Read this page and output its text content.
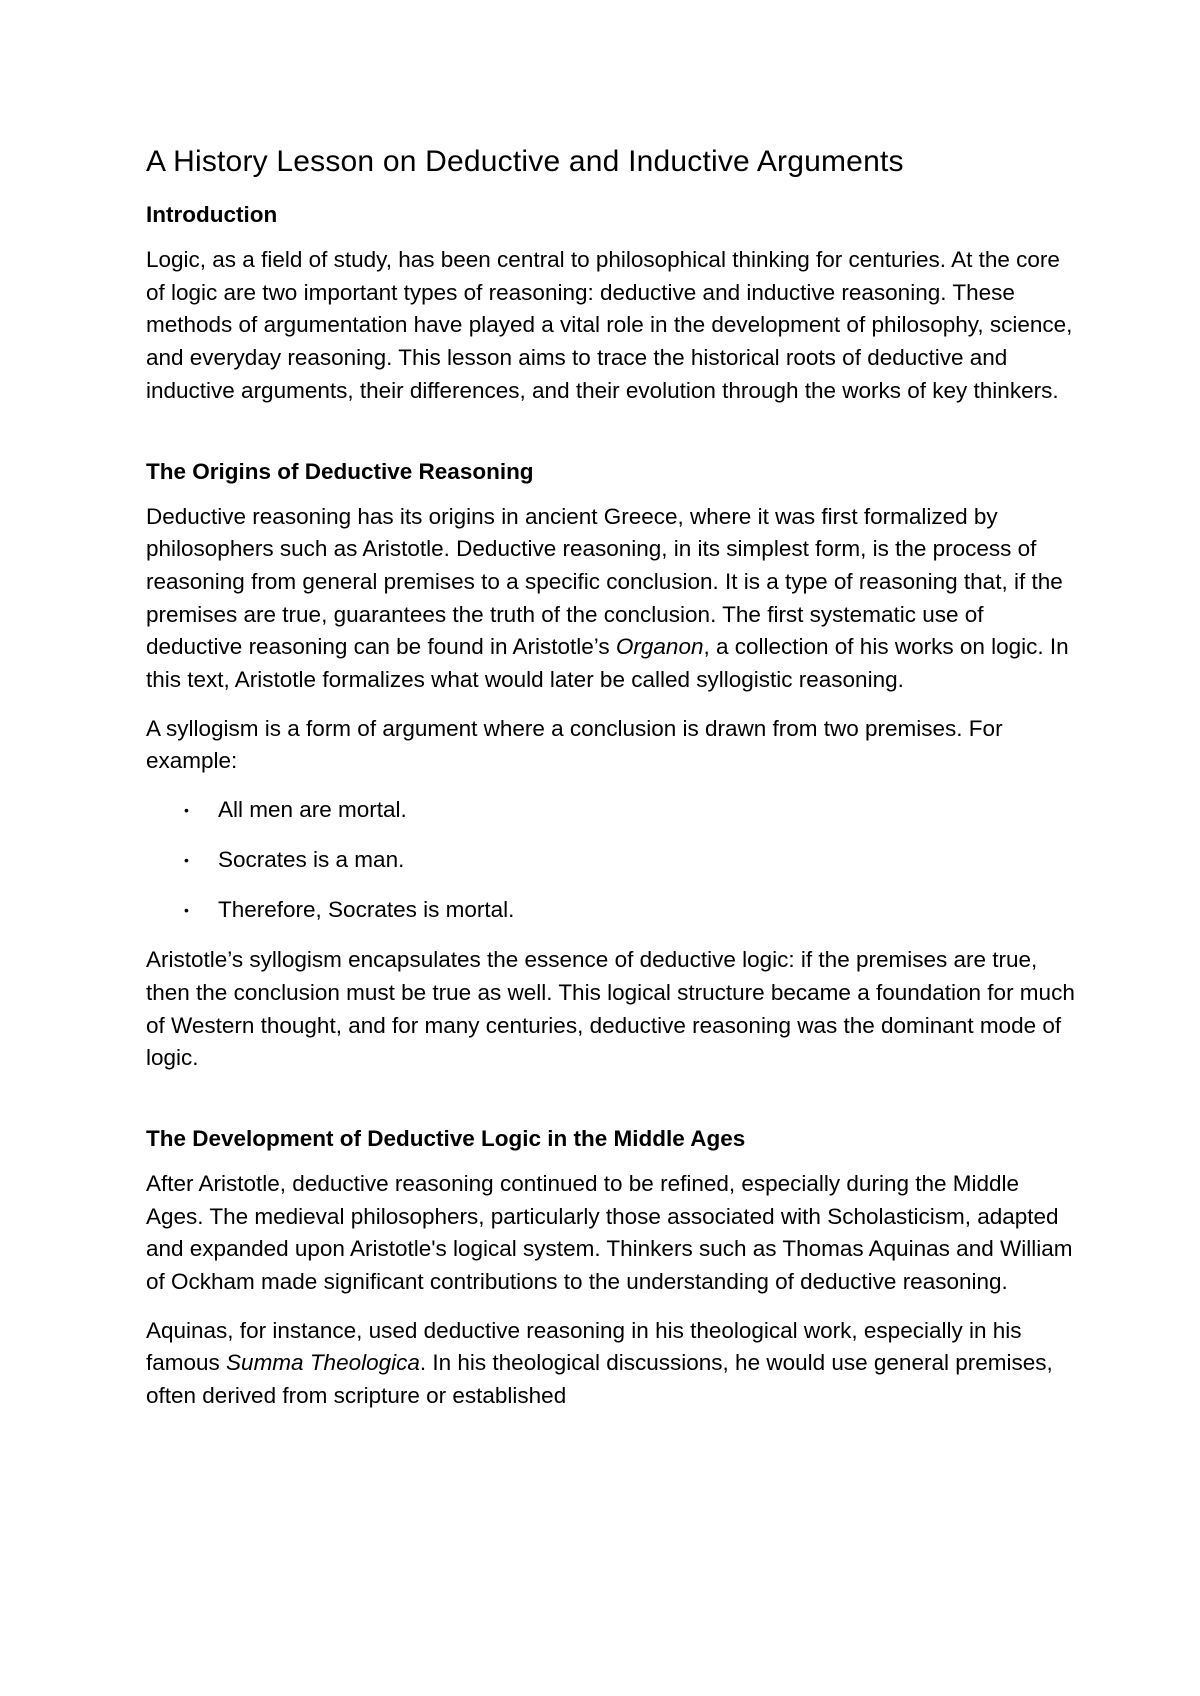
A History Lesson on Deductive and Inductive Arguments
Introduction

Logic, as a field of study, has been central to philosophical thinking for centuries. At the core of logic are two important types of reasoning: deductive and inductive reasoning. These methods of argumentation have played a vital role in the development of philosophy, science, and everyday reasoning. This lesson aims to trace the historical roots of deductive and inductive arguments, their differences, and their evolution through the works of key thinkers.

The Origins of Deductive Reasoning

Deductive reasoning has its origins in ancient Greece, where it was first formalized by philosophers such as Aristotle. Deductive reasoning, in its simplest form, is the process of reasoning from general premises to a specific conclusion. It is a type of reasoning that, if the premises are true, guarantees the truth of the conclusion. The first systematic use of deductive reasoning can be found in Aristotle’s Organon, a collection of his works on logic. In this text, Aristotle formalizes what would later be called syllogistic reasoning.

A syllogism is a form of argument where a conclusion is drawn from two premises. For example:

• All men are mortal.
• Socrates is a man.
• Therefore, Socrates is mortal.

Aristotle’s syllogism encapsulates the essence of deductive logic: if the premises are true, then the conclusion must be true as well. This logical structure became a foundation for much of Western thought, and for many centuries, deductive reasoning was the dominant mode of logic.

The Development of Deductive Logic in the Middle Ages

After Aristotle, deductive reasoning continued to be refined, especially during the Middle Ages. The medieval philosophers, particularly those associated with Scholasticism, adapted and expanded upon Aristotle's logical system. Thinkers such as Thomas Aquinas and William of Ockham made significant contributions to the understanding of deductive reasoning.

Aquinas, for instance, used deductive reasoning in his theological work, especially in his famous Summa Theologica. In his theological discussions, he would use general premises, often derived from scripture or established
